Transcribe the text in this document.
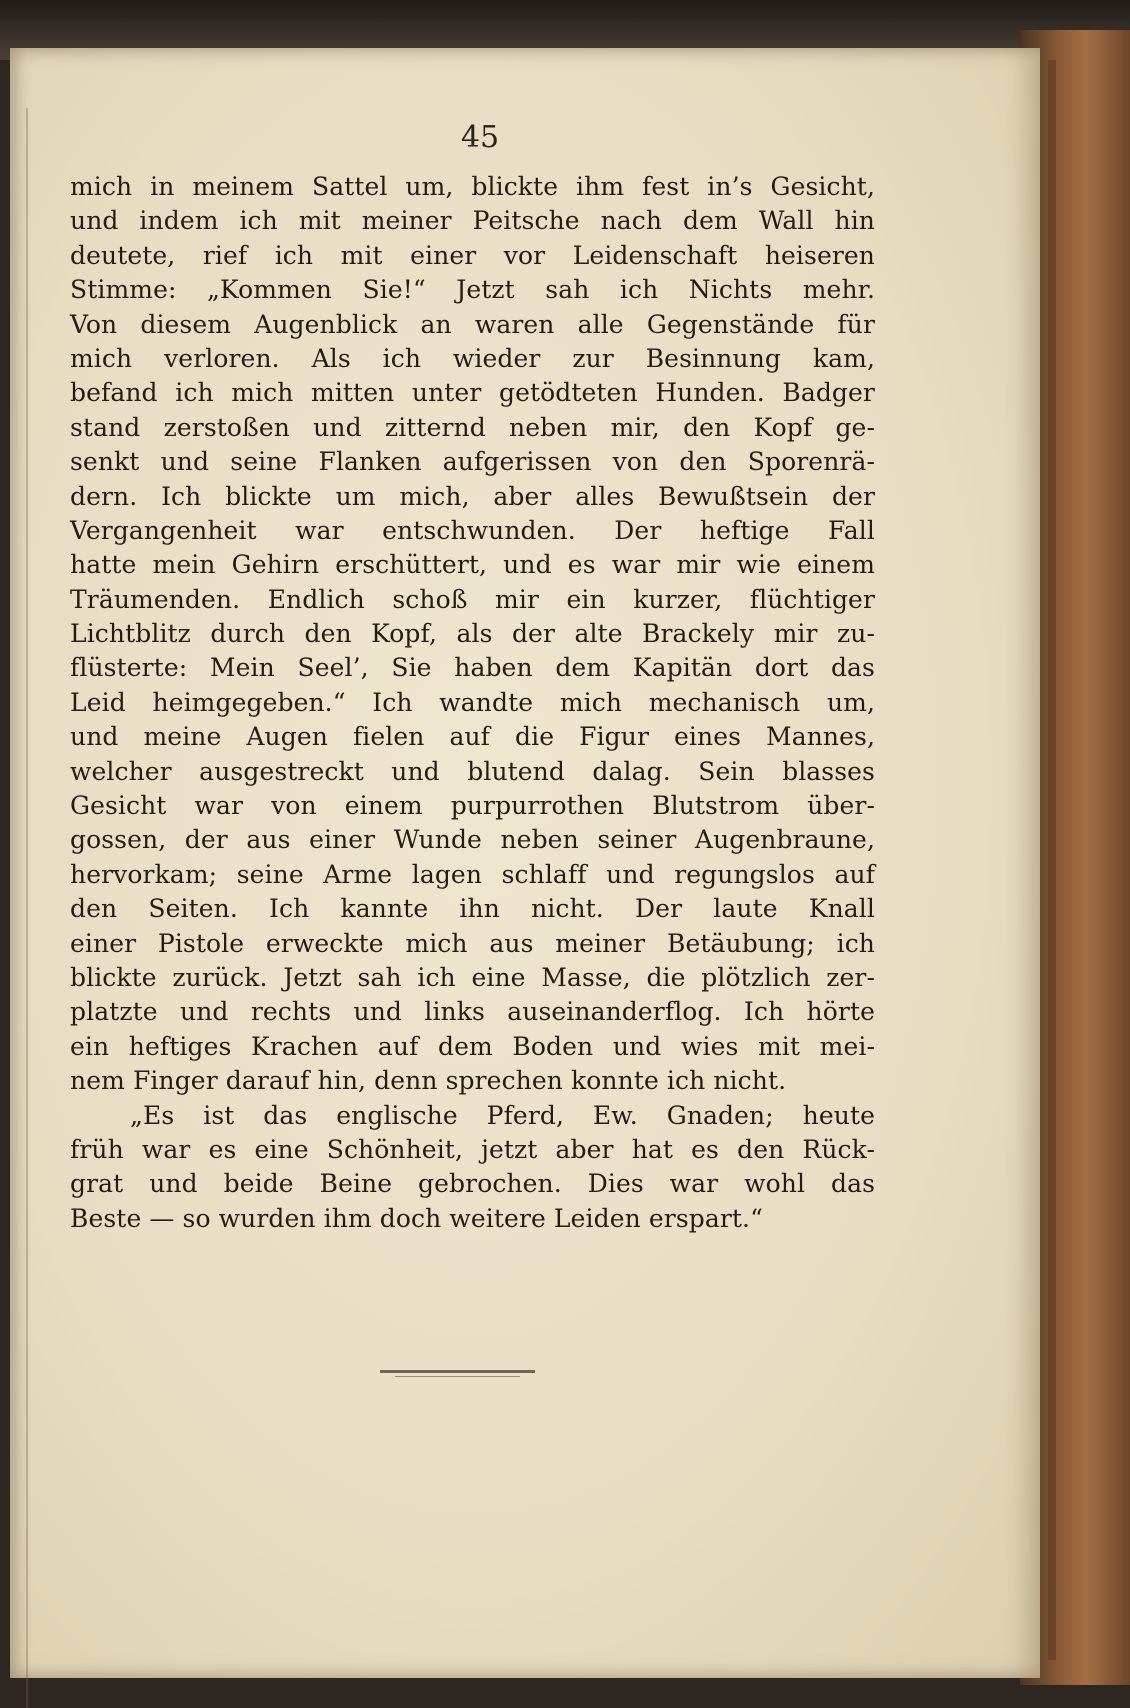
45
mich in meinem Sattel um, blickte ihm fest in’s Gesicht,
und indem ich mit meiner Peitsche nach dem Wall hin
deutete, rief ich mit einer vor Leidenschaft heiseren
Stimme: „Kommen Sie!“ Jetzt sah ich Nichts mehr.
Von diesem Augenblick an waren alle Gegenstände für
mich verloren. Als ich wieder zur Besinnung kam,
befand ich mich mitten unter getödteten Hunden. Badger
stand zerstoßen und zitternd neben mir, den Kopf ge-
senkt und seine Flanken aufgerissen von den Sporenrä-
dern. Ich blickte um mich, aber alles Bewußtsein der
Vergangenheit war entschwunden. Der heftige Fall
hatte mein Gehirn erschüttert, und es war mir wie einem
Träumenden. Endlich schoß mir ein kurzer, flüchtiger
Lichtblitz durch den Kopf, als der alte Brackely mir zu-
flüsterte: Mein Seel’, Sie haben dem Kapitän dort das
Leid heimgegeben.“ Ich wandte mich mechanisch um,
und meine Augen fielen auf die Figur eines Mannes,
welcher ausgestreckt und blutend dalag. Sein blasses
Gesicht war von einem purpurrothen Blutstrom über-
gossen, der aus einer Wunde neben seiner Augenbraune,
hervorkam; seine Arme lagen schlaff und regungslos auf
den Seiten. Ich kannte ihn nicht. Der laute Knall
einer Pistole erweckte mich aus meiner Betäubung; ich
blickte zurück. Jetzt sah ich eine Masse, die plötzlich zer-
platzte und rechts und links auseinanderflog. Ich hörte
ein heftiges Krachen auf dem Boden und wies mit mei-
nem Finger darauf hin, denn sprechen konnte ich nicht.
„Es ist das englische Pferd, Ew. Gnaden; heute
früh war es eine Schönheit, jetzt aber hat es den Rück-
grat und beide Beine gebrochen. Dies war wohl das
Beste — so wurden ihm doch weitere Leiden erspart.“
